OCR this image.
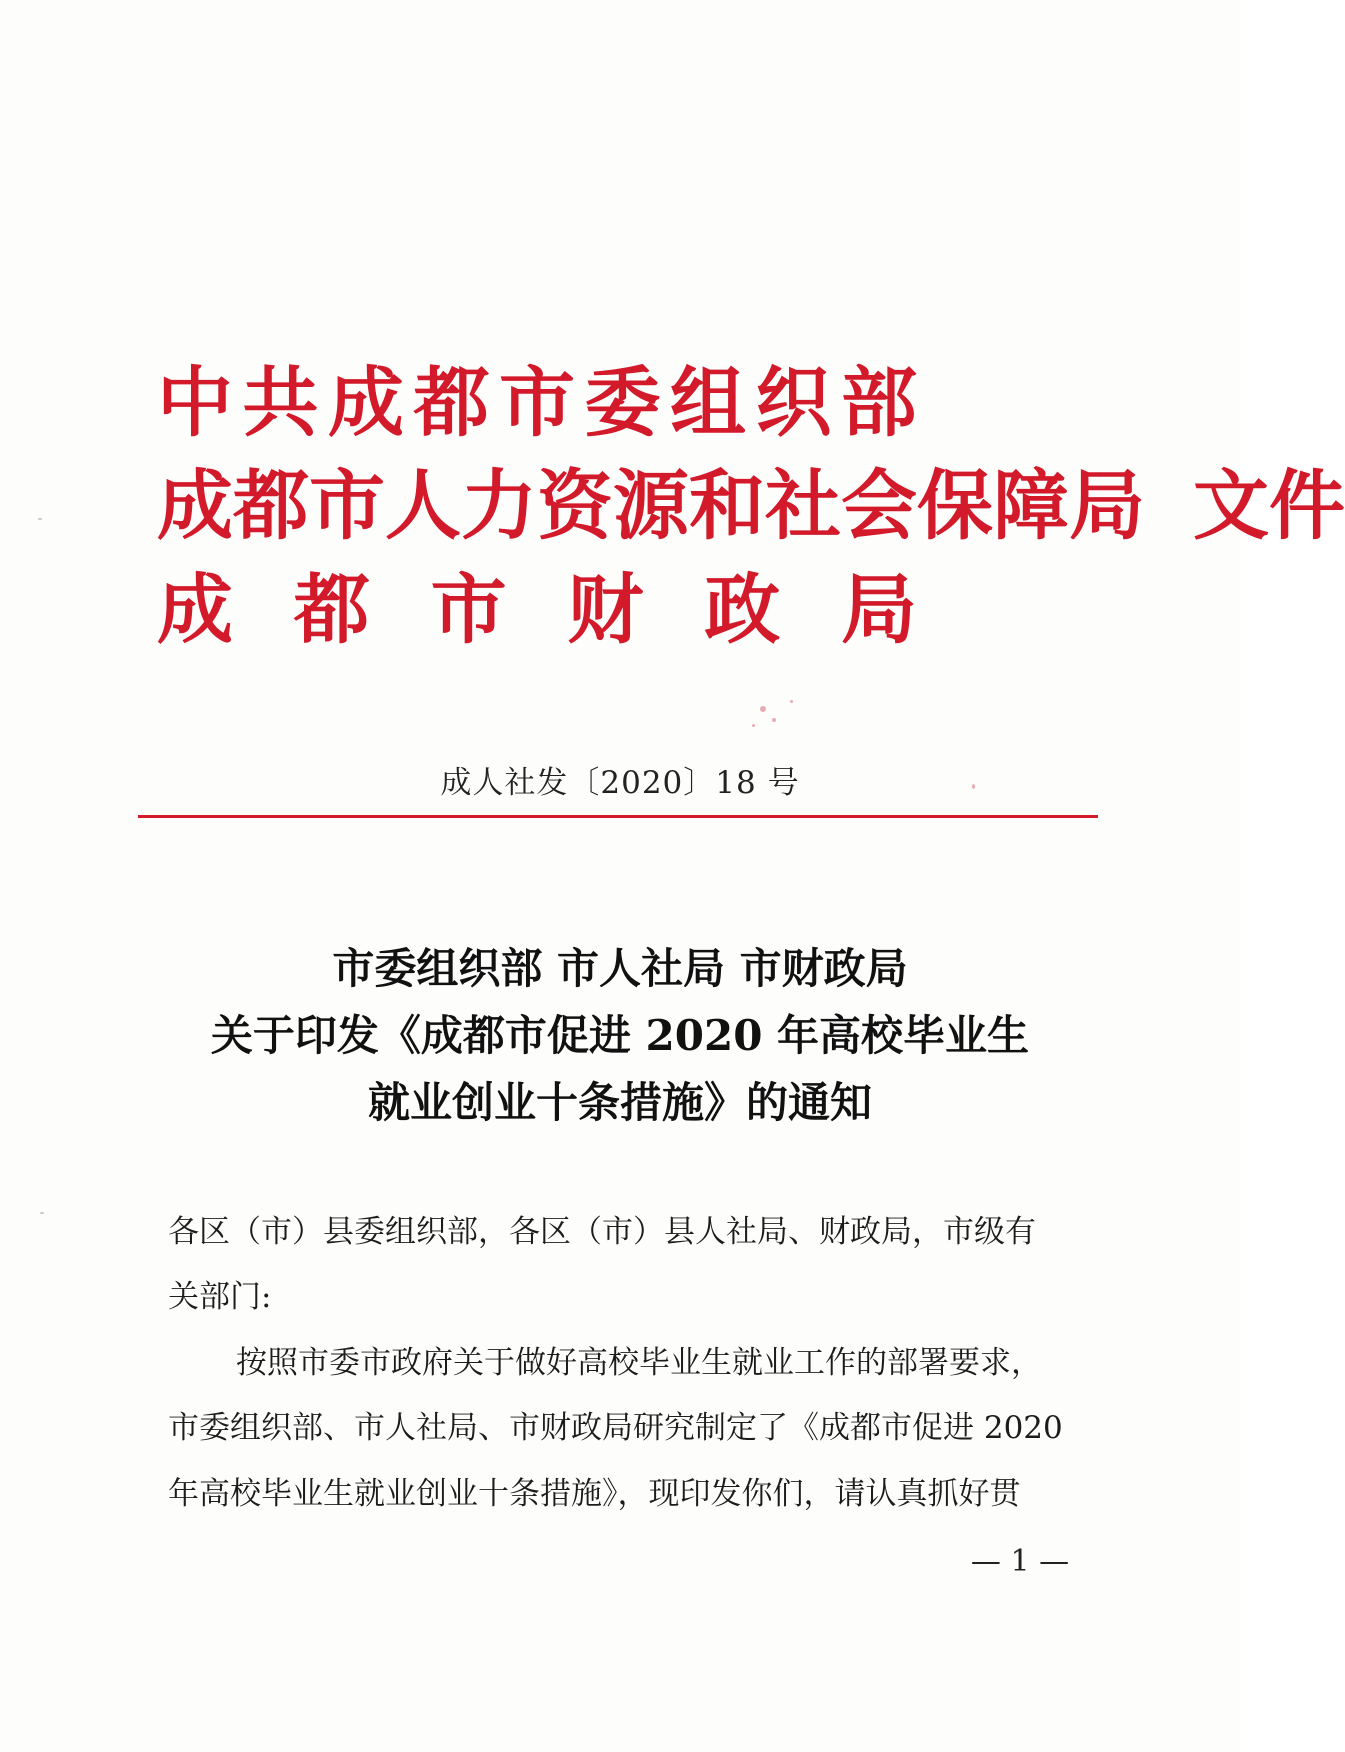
中 共 成 都 市 委 组 织 部
成都市人力资源和社会保障局 文件
成 都 市 财 政 局
成人社发〔2020〕18 号
市委组织部 市人社局 市财政局
关于印发《成都市促进 2020 年高校毕业生
就业创业十条措施》的通知
各区（市）县委组织部，各区（市）县人社局、财政局，市级有
关部门:
按照市委市政府关于做好高校毕业生就业工作的部署要求，
市委组织部、市人社局、市财政局研究制定了《成都市促进 2020
年高校毕业生就业创业十条措施》，现印发你们，请认真抓好贯
— 1 —
